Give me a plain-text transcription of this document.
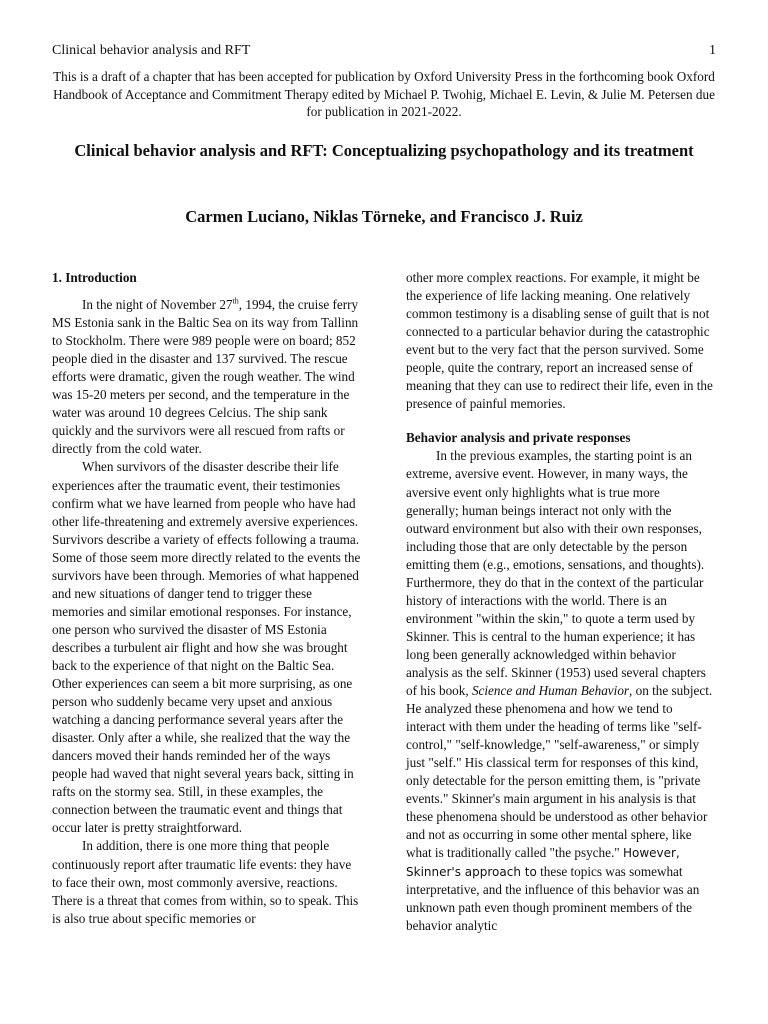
Clinical behavior analysis and RFT	1
This is a draft of a chapter that has been accepted for publication by Oxford University Press in the forthcoming book Oxford Handbook of Acceptance and Commitment Therapy edited by Michael P. Twohig, Michael E. Levin, & Julie M. Petersen due for publication in 2021-2022.
Clinical behavior analysis and RFT: Conceptualizing psychopathology and its treatment
Carmen Luciano, Niklas Törneke, and Francisco J. Ruiz

1. Introduction

In the night of November 27th, 1994, the cruise ferry MS Estonia sank in the Baltic Sea on its way from Tallinn to Stockholm. There were 989 people were on board; 852 people died in the disaster and 137 survived. The rescue efforts were dramatic, given the rough weather. The wind was 15-20 meters per second, and the temperature in the water was around 10 degrees Celcius. The ship sank quickly and the survivors were all rescued from rafts or directly from the cold water.

When survivors of the disaster describe their life experiences after the traumatic event, their testimonies confirm what we have learned from people who have had other life-threatening and extremely aversive experiences. Survivors describe a variety of effects following a trauma. Some of those seem more directly related to the events the survivors have been through. Memories of what happened and new situations of danger tend to trigger these memories and similar emotional responses. For instance, one person who survived the disaster of MS Estonia describes a turbulent air flight and how she was brought back to the experience of that night on the Baltic Sea. Other experiences can seem a bit more surprising, as one person who suddenly became very upset and anxious watching a dancing performance several years after the disaster. Only after a while, she realized that the way the dancers moved their hands reminded her of the ways people had waved that night several years back, sitting in rafts on the stormy sea. Still, in these examples, the connection between the traumatic event and things that occur later is pretty straightforward.

In addition, there is one more thing that people continuously report after traumatic life events: they have to face their own, most commonly aversive, reactions. There is a threat that comes from within, so to speak. This is also true about specific memories or

other more complex reactions. For example, it might be the experience of life lacking meaning. One relatively common testimony is a disabling sense of guilt that is not connected to a particular behavior during the catastrophic event but to the very fact that the person survived. Some people, quite the contrary, report an increased sense of meaning that they can use to redirect their life, even in the presence of painful memories.

Behavior analysis and private responses

In the previous examples, the starting point is an extreme, aversive event. However, in many ways, the aversive event only highlights what is true more generally; human beings interact not only with the outward environment but also with their own responses, including those that are only detectable by the person emitting them (e.g., emotions, sensations, and thoughts). Furthermore, they do that in the context of the particular history of interactions with the world. There is an environment "within the skin," to quote a term used by Skinner. This is central to the human experience; it has long been generally acknowledged within behavior analysis as the self. Skinner (1953) used several chapters of his book, Science and Human Behavior, on the subject. He analyzed these phenomena and how we tend to interact with them under the heading of terms like "self-control," "self-knowledge," "self-awareness," or simply just "self." His classical term for responses of this kind, only detectable for the person emitting them, is "private events." Skinner's main argument in his analysis is that these phenomena should be understood as other behavior and not as occurring in some other mental sphere, like what is traditionally called "the psyche." However, Skinner's approach to these topics was somewhat interpretative, and the influence of this behavior was an unknown path even though prominent members of the behavior analytic
